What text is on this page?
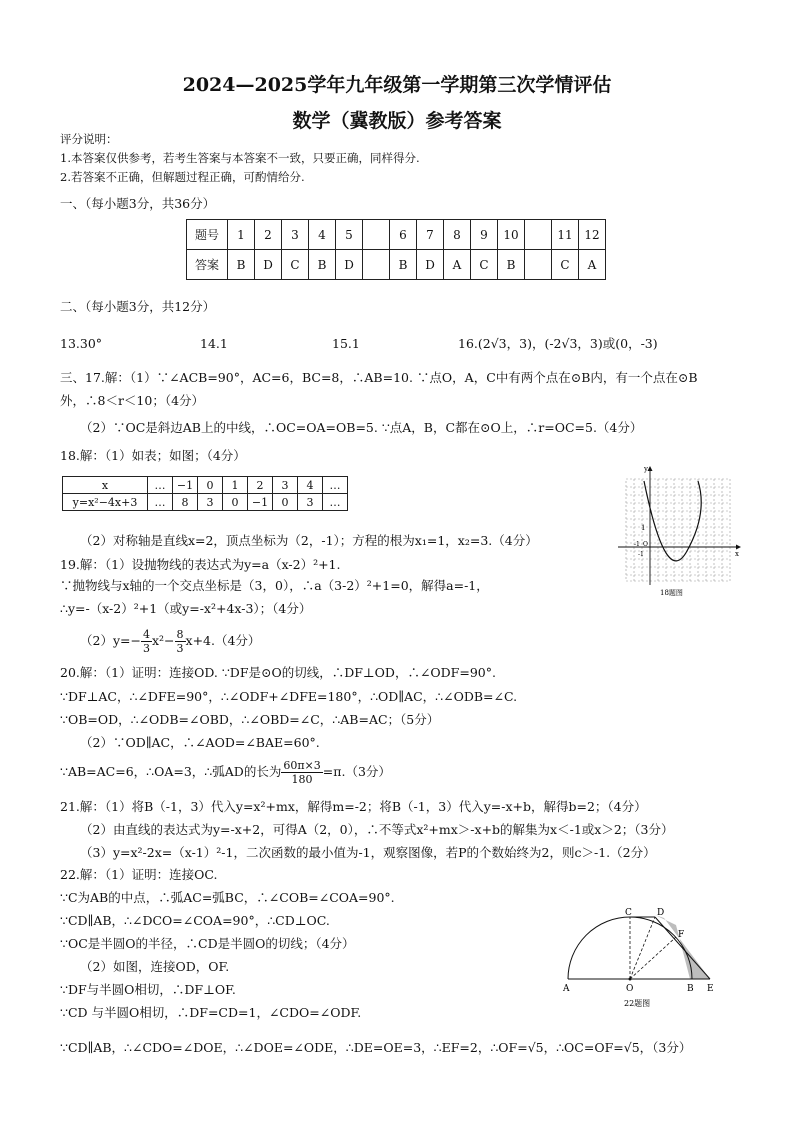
2024—2025学年九年级第一学期第三次学情评估
数学（冀教版）参考答案
评分说明：
1.本答案仅供参考，若考生答案与本答案不一致，只要正确，同样得分.
2.若答案不正确，但解题过程正确，可酌情给分.
一、（每小题3分，共36分）
题号	1	2	3	4	5		6	7	8	9	10		11	12
答案	B	D	C	B	D		B	D	A	C	B		C	A
二、（每小题3分，共12分）
13.30°	14.1	15.1	16.(2√3，3)，(-2√3，3)或(0，-3)
三、17.解：（1）∵∠ACB=90°，AC=6，BC=8，∴AB=10. ∵点O，A，C中有两个点在⊙B内，有一个点在⊙B
外，∴8＜r＜10；（4分）
（2）∵OC是斜边AB上的中线，∴OC=OA=OB=5. ∵点A，B，C都在⊙O上，∴r=OC=5.（4分）
18.解：（1）如表；如图；（4分）
x	…	−1	0	1	2	3	4	…
y=x²−4x+3	…	8	3	0	−1	0	3	…
（2）对称轴是直线x=2，顶点坐标为（2，-1）；方程的根为x₁=1，x₂=3.（4分）
y
x
1
-1 O
-1
18题图
19.解：（1）设抛物线的表达式为y=a（x-2）²+1.
∵抛物线与x轴的一个交点坐标是（3，0），∴a（3-2）²+1=0，解得a=-1，
∴y=-（x-2）²+1（或y=-x²+4x-3）；（4分）
$(2)y=- \frac{4}{3} x^2- \frac{8}{3} x+4.(4$分）
20.解：（1）证明：连接OD. ∵DF是⊙O的切线，∴DF⊥OD，∴∠ODF=90°.
∵DF⊥AC，∴∠DFE=90°，∴∠ODF+∠DFE=180°，∴OD∥AC，∴∠ODB=∠C.
∵OB=OD，∴∠ODB=∠OBD，∴∠OBD=∠C，∴AB=AC；（5分）
（2）∵OD∥AC，∴∠AOD=∠BAE=60°.
∵AB=AC=6，∴OA=3，∴弧AD的长为 $\frac{60\pi\times 3}{180} =\pi.(3$分）
21.解：（1）将B（-1，3）代入y=x²+mx，解得m=-2；将B（-1，3）代入y=-x+b，解得b=2；（4分）
（2）由直线的表达式为y=-x+2，可得A（2，0），∴不等式x²+mx＞-x+b的解集为x＜-1或x＞2；（3分）
（3）y=x²-2x=（x-1）²-1，二次函数的最小值为-1，观察图像，若P的个数始终为2，则c＞-1.（2分）
22.解：（1）证明：连接OC.
∵C为AB的中点，∴弧AC=弧BC，∴∠COB=∠COA=90°.
∵CD∥AB，∴∠DCO=∠COA=90°，∴CD⊥OC.
∵OC是半圆O的半径，∴CD是半圆O的切线；（4分）
（2）如图，连接OD，OF.
∵DF与半圆O相切，∴DF⊥OF.
∵CD 与半圆O相切，∴DF=CD=1，∠CDO=∠ODF.
∵CD∥AB，∴∠CDO=∠DOE，∴∠DOE=∠ODE，∴DE=OE=3，∴EF=2，∴OF=√5，∴OC=OF=√5，（3分）
A	O	B E
C	D
F
22题图
